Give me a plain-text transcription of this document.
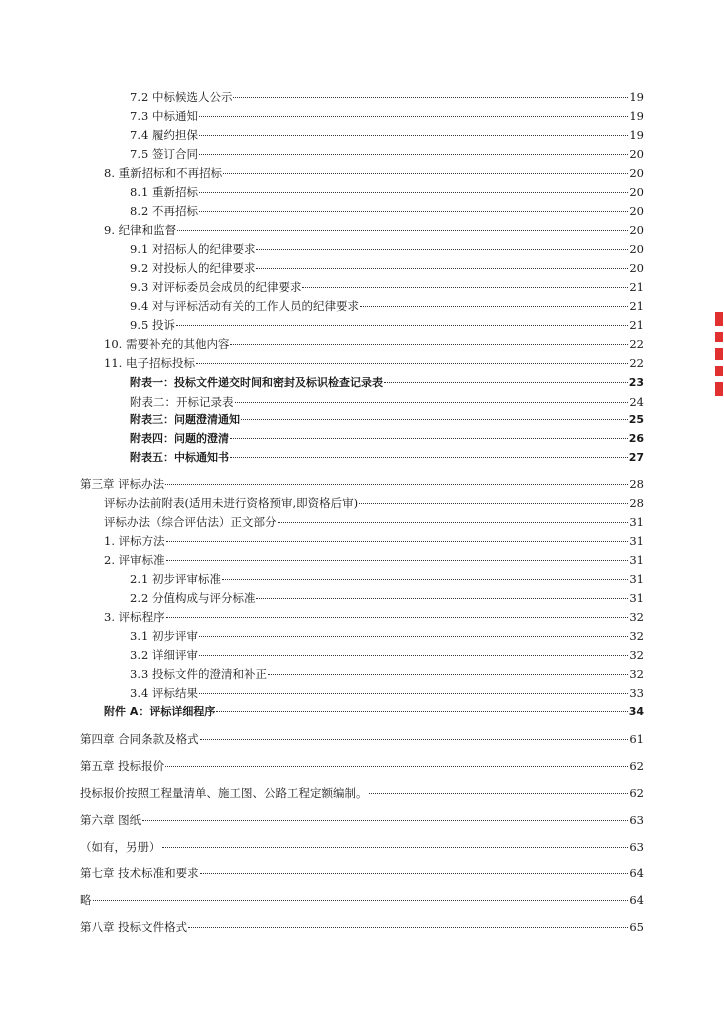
7.2 中标候选人公示	19
7.3 中标通知	19
7.4 履约担保	19
7.5 签订合同	20
8. 重新招标和不再招标	20
8.1 重新招标	20
8.2 不再招标	20
9. 纪律和监督	20
9.1 对招标人的纪律要求	20
9.2 对投标人的纪律要求	20
9.3 对评标委员会成员的纪律要求	21
9.4 对与评标活动有关的工作人员的纪律要求	21
9.5 投诉	21
10. 需要补充的其他内容	22
11. 电子招标投标	22
附表一：投标文件递交时间和密封及标识检查记录表	23
附表二：开标记录表	24
附表三：问题澄清通知	25
附表四：问题的澄清	26
附表五：中标通知书	27
第三章 评标办法	28
评标办法前附表(适用未进行资格预审,即资格后审)	28
评标办法（综合评估法）正文部分	31
1. 评标方法	31
2. 评审标准	31
2.1 初步评审标准	31
2.2 分值构成与评分标准	31
3. 评标程序	32
3.1 初步评审	32
3.2 详细评审	32
3.3 投标文件的澄清和补正	32
3.4 评标结果	33
附件 A：评标详细程序	34
第四章 合同条款及格式	61
第五章 投标报价	62
投标报价按照工程量清单、施工图、公路工程定额编制。	62
第六章 图纸	63
（如有，另册）	63
第七章 技术标准和要求	64
略	64
第八章 投标文件格式	65
